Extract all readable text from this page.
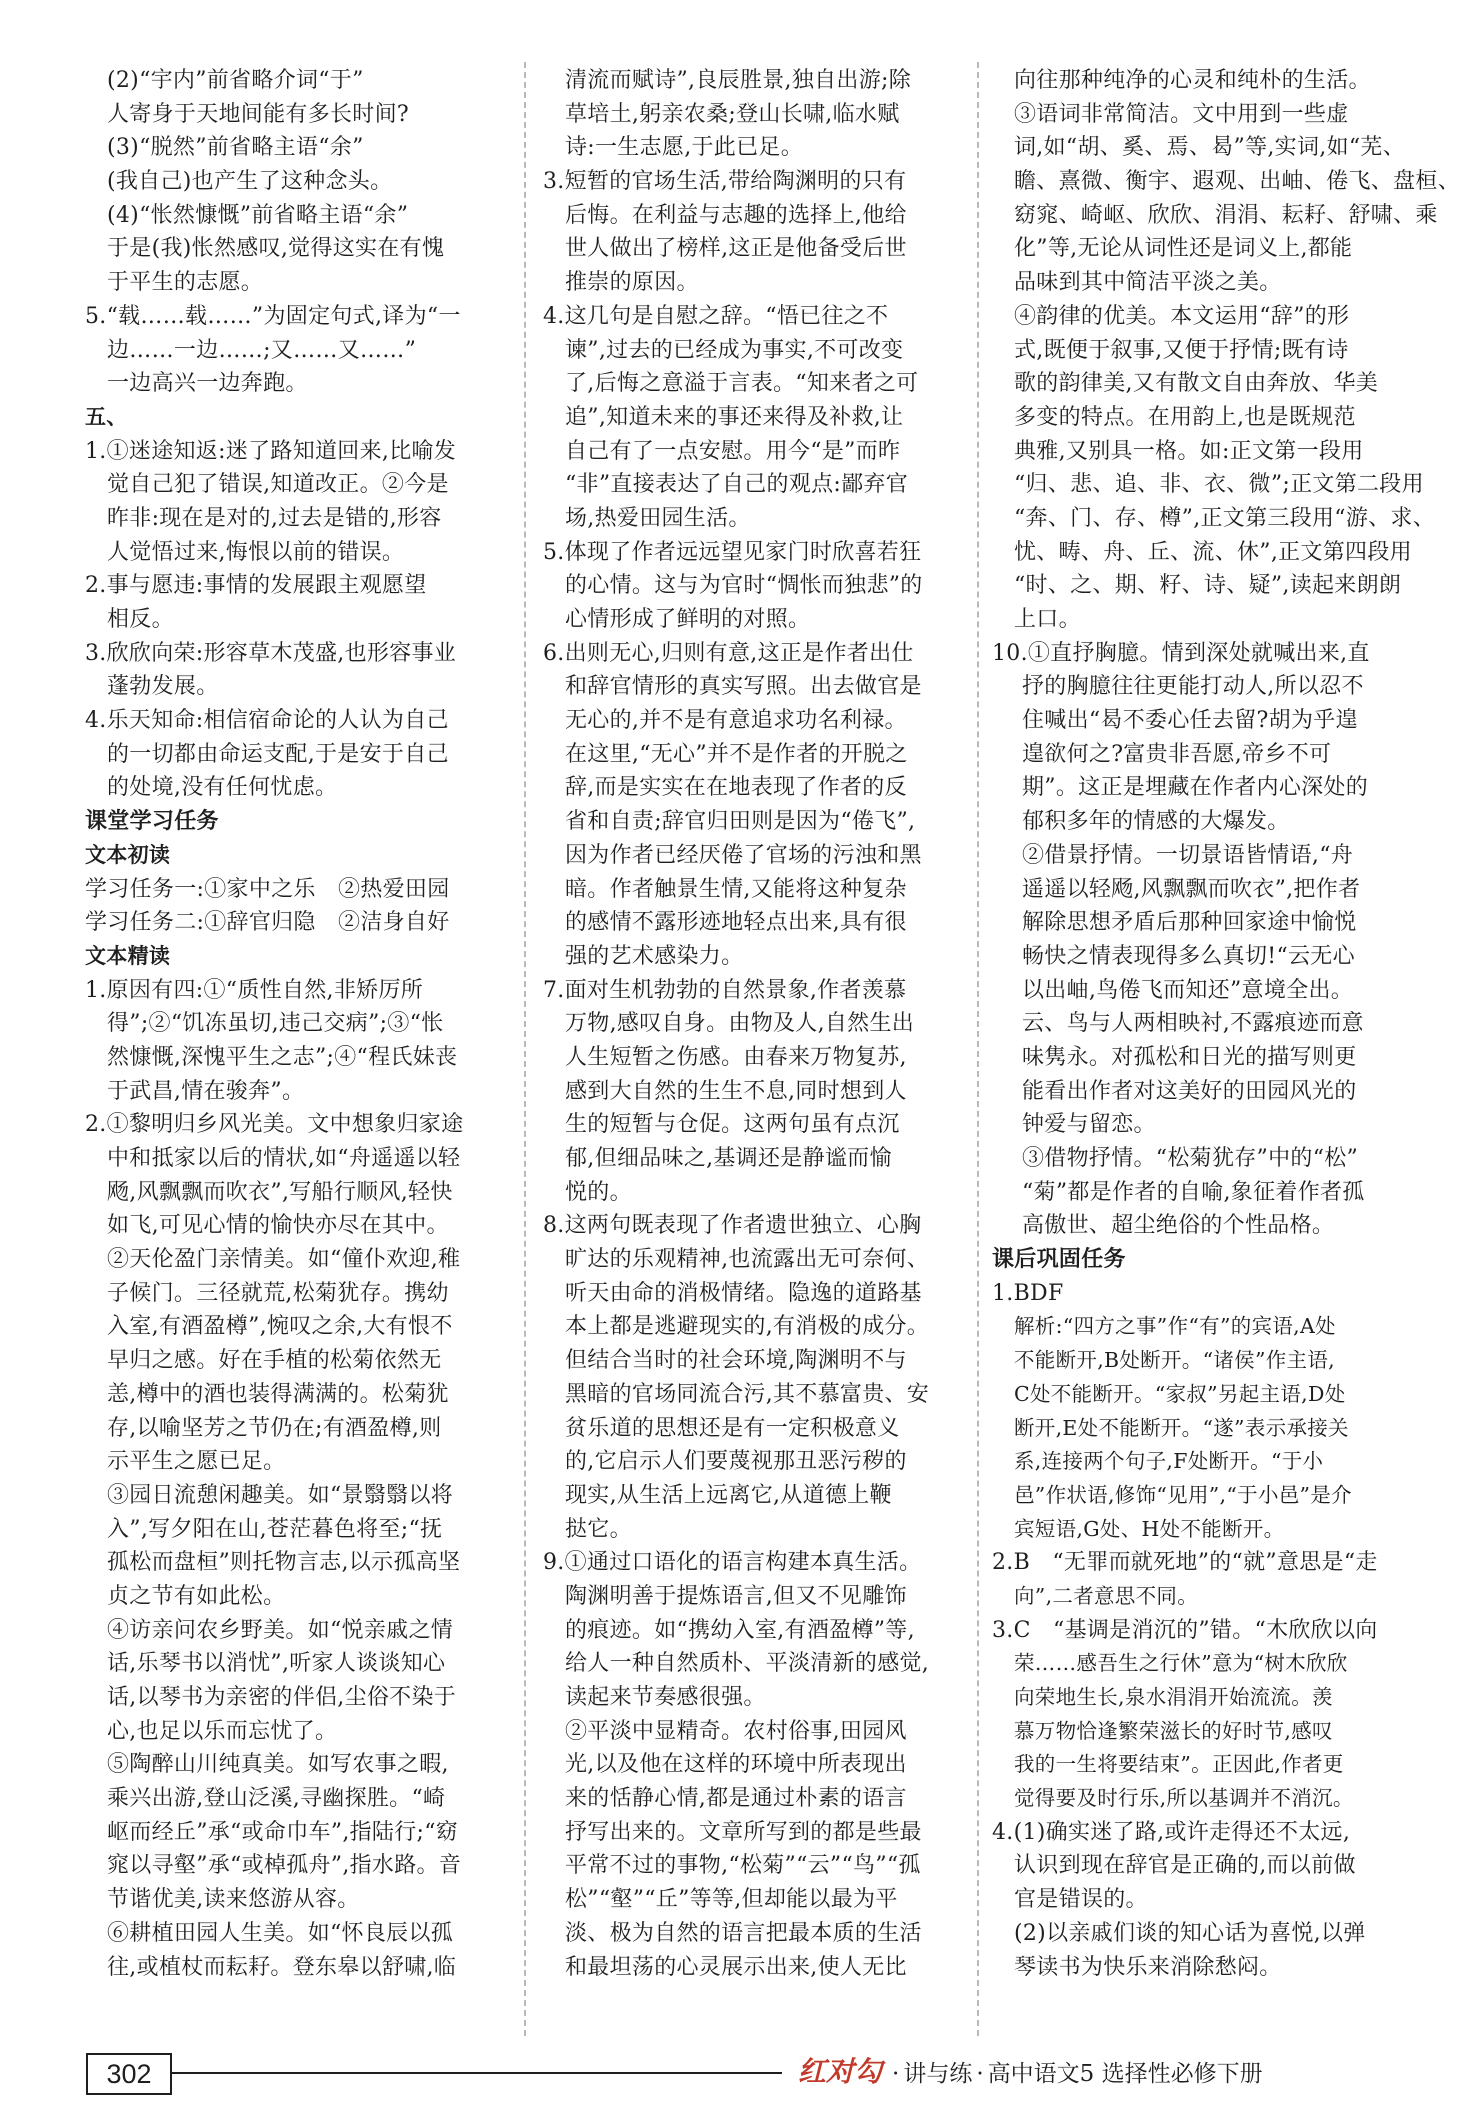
(2)“宇内”前省略介词“于”
人寄身于天地间能有多长时间?
(3)“脱然”前省略主语“余”
(我自己)也产生了这种念头。
(4)“怅然慷慨”前省略主语“余”
于是(我)怅然感叹,觉得这实在有愧
于平生的志愿。
5.“载……载……”为固定句式,译为“一
边……一边……;又……又……”
一边高兴一边奔跑。
五、
1.①迷途知返:迷了路知道回来,比喻发
觉自己犯了错误,知道改正。②今是
昨非:现在是对的,过去是错的,形容
人觉悟过来,悔恨以前的错误。
2.事与愿违:事情的发展跟主观愿望
相反。
3.欣欣向荣:形容草木茂盛,也形容事业
蓬勃发展。
4.乐天知命:相信宿命论的人认为自己
的一切都由命运支配,于是安于自己
的处境,没有任何忧虑。
课堂学习任务
文本初读
学习任务一:①家中之乐　②热爱田园
学习任务二:①辞官归隐　②洁身自好
文本精读
1.原因有四:①“质性自然,非矫厉所
得”;②“饥冻虽切,违己交病”;③“怅
然慷慨,深愧平生之志”;④“程氏妹丧
于武昌,情在骏奔”。
2.①黎明归乡风光美。文中想象归家途
中和抵家以后的情状,如“舟遥遥以轻
飏,风飘飘而吹衣”,写船行顺风,轻快
如飞,可见心情的愉快亦尽在其中。
②天伦盈门亲情美。如“僮仆欢迎,稚
子候门。三径就荒,松菊犹存。携幼
入室,有酒盈樽”,惋叹之余,大有恨不
早归之感。好在手植的松菊依然无
恙,樽中的酒也装得满满的。松菊犹
存,以喻坚芳之节仍在;有酒盈樽,则
示平生之愿已足。
③园日流憩闲趣美。如“景翳翳以将
入”,写夕阳在山,苍茫暮色将至;“抚
孤松而盘桓”则托物言志,以示孤高坚
贞之节有如此松。
④访亲问农乡野美。如“悦亲戚之情
话,乐琴书以消忧”,听家人谈谈知心
话,以琴书为亲密的伴侣,尘俗不染于
心,也足以乐而忘忧了。
⑤陶醉山川纯真美。如写农事之暇,
乘兴出游,登山泛溪,寻幽探胜。“崎
岖而经丘”承“或命巾车”,指陆行;“窈
窕以寻壑”承“或棹孤舟”,指水路。音
节谐优美,读来悠游从容。
⑥耕植田园人生美。如“怀良辰以孤
往,或植杖而耘耔。登东皋以舒啸,临
清流而赋诗”,良辰胜景,独自出游;除
草培土,躬亲农桑;登山长啸,临水赋
诗:一生志愿,于此已足。
3.短暂的官场生活,带给陶渊明的只有
后悔。在利益与志趣的选择上,他给
世人做出了榜样,这正是他备受后世
推崇的原因。
4.这几句是自慰之辞。“悟已往之不
谏”,过去的已经成为事实,不可改变
了,后悔之意溢于言表。“知来者之可
追”,知道未来的事还来得及补救,让
自己有了一点安慰。用今“是”而昨
“非”直接表达了自己的观点:鄙弃官
场,热爱田园生活。
5.体现了作者远远望见家门时欣喜若狂
的心情。这与为官时“惆怅而独悲”的
心情形成了鲜明的对照。
6.出则无心,归则有意,这正是作者出仕
和辞官情形的真实写照。出去做官是
无心的,并不是有意追求功名利禄。
在这里,“无心”并不是作者的开脱之
辞,而是实实在在地表现了作者的反
省和自责;辞官归田则是因为“倦飞”,
因为作者已经厌倦了官场的污浊和黑
暗。作者触景生情,又能将这种复杂
的感情不露形迹地轻点出来,具有很
强的艺术感染力。
7.面对生机勃勃的自然景象,作者羡慕
万物,感叹自身。由物及人,自然生出
人生短暂之伤感。由春来万物复苏,
感到大自然的生生不息,同时想到人
生的短暂与仓促。这两句虽有点沉
郁,但细品味之,基调还是静谧而愉
悦的。
8.这两句既表现了作者遗世独立、心胸
旷达的乐观精神,也流露出无可奈何、
听天由命的消极情绪。隐逸的道路基
本上都是逃避现实的,有消极的成分。
但结合当时的社会环境,陶渊明不与
黑暗的官场同流合污,其不慕富贵、安
贫乐道的思想还是有一定积极意义
的,它启示人们要蔑视那丑恶污秽的
现实,从生活上远离它,从道德上鞭
挞它。
9.①通过口语化的语言构建本真生活。
陶渊明善于提炼语言,但又不见雕饰
的痕迹。如“携幼入室,有酒盈樽”等,
给人一种自然质朴、平淡清新的感觉,
读起来节奏感很强。
②平淡中显精奇。农村俗事,田园风
光,以及他在这样的环境中所表现出
来的恬静心情,都是通过朴素的语言
抒写出来的。文章所写到的都是些最
平常不过的事物,“松菊”“云”“鸟”“孤
松”“壑”“丘”等等,但却能以最为平
淡、极为自然的语言把最本质的生活
和最坦荡的心灵展示出来,使人无比
向往那种纯净的心灵和纯朴的生活。
③语词非常简洁。文中用到一些虚
词,如“胡、奚、焉、曷”等,实词,如“芜、
瞻、熹微、衡宇、遐观、出岫、倦飞、盘桓、
窈窕、崎岖、欣欣、涓涓、耘耔、舒啸、乘
化”等,无论从词性还是词义上,都能
品味到其中简洁平淡之美。
④韵律的优美。本文运用“辞”的形
式,既便于叙事,又便于抒情;既有诗
歌的韵律美,又有散文自由奔放、华美
多变的特点。在用韵上,也是既规范
典雅,又别具一格。如:正文第一段用
“归、悲、追、非、衣、微”;正文第二段用
“奔、门、存、樽”,正文第三段用“游、求、
忧、畴、舟、丘、流、休”,正文第四段用
“时、之、期、籽、诗、疑”,读起来朗朗
上口。
10.①直抒胸臆。情到深处就喊出来,直
抒的胸臆往往更能打动人,所以忍不
住喊出“曷不委心任去留?胡为乎遑
遑欲何之?富贵非吾愿,帝乡不可
期”。这正是埋藏在作者内心深处的
郁积多年的情感的大爆发。
②借景抒情。一切景语皆情语,“舟
遥遥以轻飏,风飘飘而吹衣”,把作者
解除思想矛盾后那种回家途中愉悦
畅快之情表现得多么真切!“云无心
以出岫,鸟倦飞而知还”意境全出。
云、鸟与人两相映衬,不露痕迹而意
味隽永。对孤松和日光的描写则更
能看出作者对这美好的田园风光的
钟爱与留恋。
③借物抒情。“松菊犹存”中的“松”
“菊”都是作者的自喻,象征着作者孤
高傲世、超尘绝俗的个性品格。
课后巩固任务
1.BDF
解析:“四方之事”作“有”的宾语,A处
不能断开,B处断开。“诸侯”作主语,
C处不能断开。“家叔”另起主语,D处
断开,E处不能断开。“遂”表示承接关
系,连接两个句子,F处断开。“于小
邑”作状语,修饰“见用”,“于小邑”是介
宾短语,G处、H处不能断开。
2.B　“无罪而就死地”的“就”意思是“走
向”,二者意思不同。
3.C　“基调是消沉的”错。“木欣欣以向
荣……感吾生之行休”意为“树木欣欣
向荣地生长,泉水涓涓开始流流。羡
慕万物恰逢繁荣滋长的好时节,感叹
我的一生将要结束”。正因此,作者更
觉得要及时行乐,所以基调并不消沉。
4.(1)确实迷了路,或许走得还不太远,
认识到现在辞官是正确的,而以前做
官是错误的。
(2)以亲戚们谈的知心话为喜悦,以弹
琴读书为快乐来消除愁闷。
302	红对勾 · 讲与练 · 高中语文5 选择性必修下册
